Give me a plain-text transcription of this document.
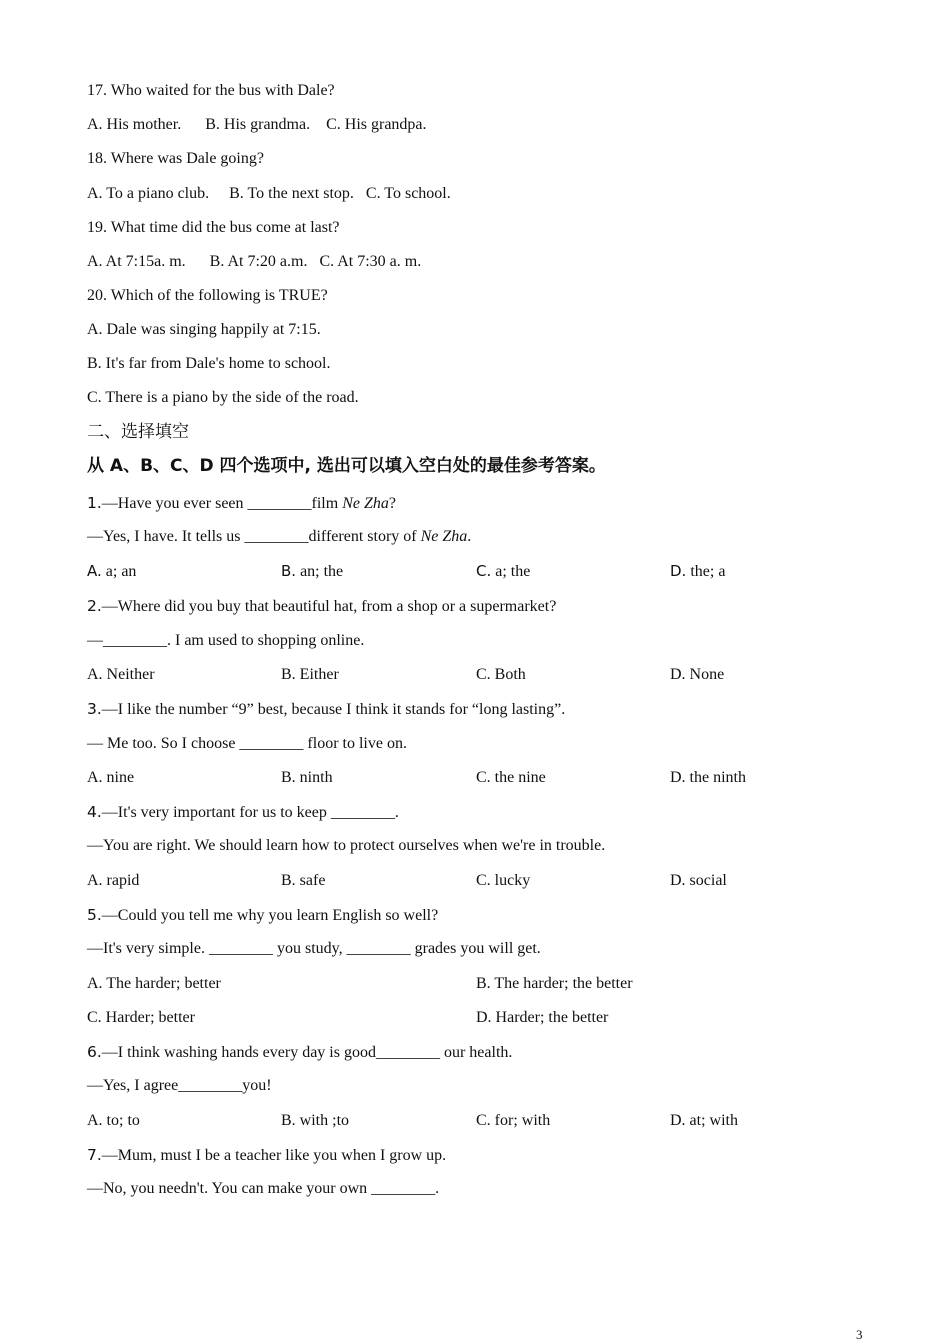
17. Who waited for the bus with Dale?
A. His mother.      B. His grandma.    C. His grandpa.
18. Where was Dale going?
A. To a piano club.     B. To the next stop.   C. To school.
19. What time did the bus come at last?
A. At 7:15a. m.      B. At 7:20 a.m.   C. At 7:30 a. m.
20. Which of the following is TRUE?
A. Dale was singing happily at 7:15.
B. It's far from Dale's home to school.
C. There is a piano by the side of the road.
二、选择填空
从 A、B、C、D 四个选项中, 选出可以填入空白处的最佳参考答案。
1.—Have you ever seen ________film Ne Zha?
—Yes, I have. It tells us ________different story of Ne Zha.
A. a; an	B. an; the	C. a; the	D. the; a
2.—Where did you buy that beautiful hat, from a shop or a supermarket?
—________. I am used to shopping online.
A. Neither	B. Either	C. Both	D. None
3.—I like the number “9” best, because I think it stands for “long lasting”.
— Me too. So I choose ________ floor to live on.
A. nine	B. ninth	C. the nine	D. the ninth
4.—It's very important for us to keep ________.
—You are right. We should learn how to protect ourselves when we're in trouble.
A. rapid	B. safe	C. lucky	D. social
5.—Could you tell me why you learn English so well?
—It's very simple. ________ you study, ________ grades you will get.
A. The harder; better	B. The harder; the better
C. Harder; better	D. Harder; the better
6.—I think washing hands every day is good________ our health.
—Yes, I agree________you!
A. to; to	B. with ;to	C. for; with	D. at; with
7.—Mum, must I be a teacher like you when I grow up.
—No, you needn't. You can make your own ________.
3
